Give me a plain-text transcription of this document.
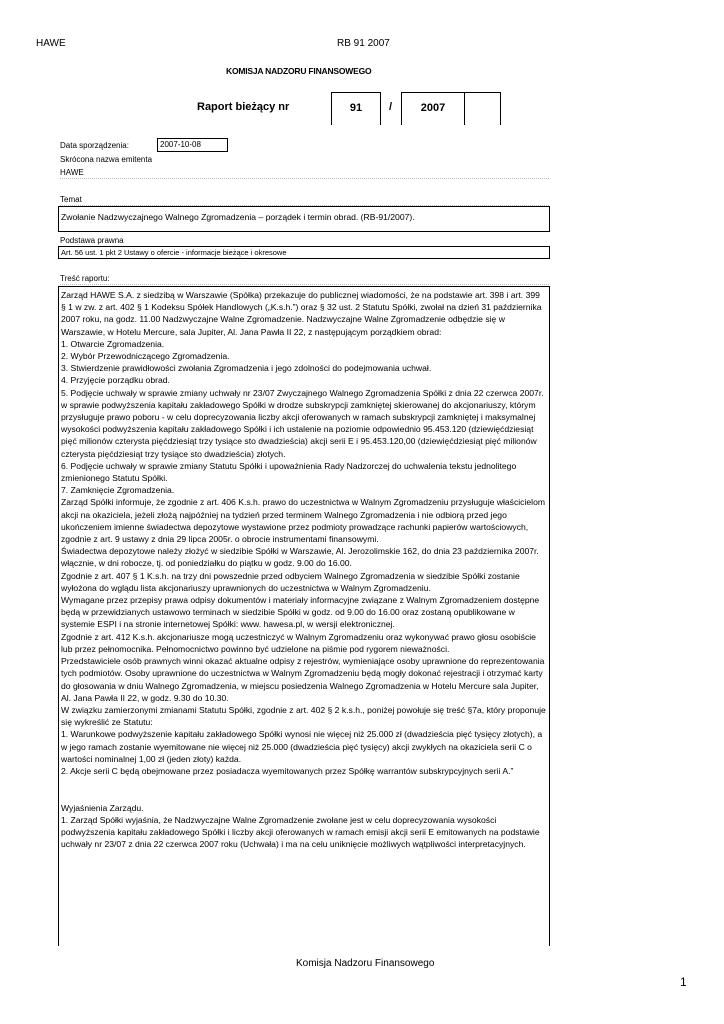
HAWE	RB 91 2007
KOMISJA NADZORU FINANSOWEGO
Raport bieżący nr	91	/	2007
Data sporządzenia:	2007-10-08
Skrócona nazwa emitenta
HAWE
Temat
Zwołanie Nadzwyczajnego Walnego Zgromadzenia – porządek i termin obrad. (RB-91/2007).
Podstawa prawna
Art. 56 ust. 1 pkt 2 Ustawy o ofercie - informacje bieżące i okresowe
Treść raportu:

Zarząd HAWE S.A. z siedzibą w Warszawie (Spółka) przekazuje do publicznej wiadomości, że na podstawie art. 398 i art. 399 § 1 w zw. z art. 402 § 1 Kodeksu Spółek Handlowych („K.s.h.”) oraz § 32 ust. 2 Statutu Spółki, zwołał na dzień 31 października 2007 roku, na godz. 11.00 Nadzwyczajne Walne Zgromadzenie. Nadzwyczajne Walne Zgromadzenie odbędzie się w Warszawie, w Hotelu Mercure, sala Jupiter, Al. Jana Pawła II 22, z następującym porządkiem obrad:

1. Otwarcie Zgromadzenia.

2. Wybór Przewodniczącego Zgromadzenia.

3. Stwierdzenie prawidłowości zwołania Zgromadzenia i jego zdolności do podejmowania uchwał.

4. Przyjęcie porządku obrad.

5. Podjęcie uchwały w sprawie zmiany uchwały nr 23/07 Zwyczajnego Walnego Zgromadzenia Spółki z dnia 22 czerwca 2007r. w sprawie podwyższenia kapitału zakładowego Spółki w drodze subskrypcji zamkniętej skierowanej do akcjonariuszy, którym przysługuje prawo poboru - w celu doprecyzowania liczby akcji oferowanych w ramach subskrypcji zamkniętej i maksymalnej wysokości podwyższenia kapitału zakładowego Spółki i ich ustalenie na poziomie odpowiednio 95.453.120 (dziewięćdziesiąt pięć milionów czterysta pięćdziesiąt trzy tysiące sto dwadzieścia) akcji serii E i 95.453.120,00 (dziewięćdziesiąt pięć milionów czterysta pięćdziesiąt trzy tysiące sto dwadzieścia) złotych.

6. Podjęcie uchwały w sprawie zmiany Statutu Spółki i upoważnienia Rady Nadzorczej do uchwalenia tekstu jednolitego zmienionego Statutu Spółki.

7. Zamknięcie Zgromadzenia.

Zarząd Spółki informuje, że zgodnie z art. 406 K.s.h. prawo do uczestnictwa w Walnym Zgromadzeniu przysługuje właścicielom akcji na okaziciela, jeżeli złożą najpóźniej na tydzień przed terminem Walnego Zgromadzenia i nie odbiorą przed jego ukończeniem imienne świadectwa depozytowe wystawione przez podmioty prowadzące rachunki papierów wartościowych, zgodnie z art. 9 ustawy z dnia 29 lipca 2005r. o obrocie instrumentami finansowymi.

Świadectwa depozytowe należy złożyć w siedzibie Spółki w Warszawie, Al. Jerozolimskie 162, do dnia 23 października 2007r. włącznie, w dni robocze, tj. od poniedziałku do piątku w godz. 9.00 do 16.00.

Zgodnie z art. 407 § 1 K.s.h. na trzy dni powszednie przed odbyciem Walnego Zgromadzenia w siedzibie Spółki zostanie wyłożona do wglądu lista akcjonariuszy uprawnionych do uczestnictwa w Walnym Zgromadzeniu.

Wymagane przez przepisy prawa odpisy dokumentów i materiały informacyjne związane z Walnym Zgromadzeniem dostępne będą w przewidzianych ustawowo terminach w siedzibie Spółki w godz. od 9.00 do 16.00 oraz zostaną opublikowane w systemie ESPI i na stronie internetowej Spółki: www. hawesa.pl, w wersji elektronicznej.

Zgodnie z art. 412 K.s.h. akcjonariusze mogą uczestniczyć w Walnym Zgromadzeniu oraz wykonywać prawo głosu osobiście lub przez pełnomocnika. Pełnomocnictwo powinno być udzielone na piśmie pod rygorem nieważności.

Przedstawiciele osób prawnych winni okazać aktualne odpisy z rejestrów, wymieniające osoby uprawnione do reprezentowania tych podmiotów. Osoby uprawnione do uczestnictwa w Walnym Zgromadzeniu będą mogły dokonać rejestracji i otrzymać karty do głosowania w dniu Walnego Zgromadzenia, w miejscu posiedzenia Walnego Zgromadzenia w Hotelu Mercure sala Jupiter, Al. Jana Pawła II 22, w godz. 9.30 do 10.30.

W związku zamierzonymi zmianami Statutu Spółki, zgodnie z art. 402 § 2 k.s.h., poniżej powołuje się treść §7a, który proponuje się wykreślić ze Statutu:

1. Warunkowe podwyższenie kapitału zakładowego Spółki wynosi nie więcej niż 25.000 zł (dwadzieścia pięć tysięcy złotych), a w jego ramach zostanie wyemitowane nie więcej niż 25.000 (dwadzieścia pięć tysięcy) akcji zwykłych na okaziciela serii C o wartości nominalnej 1,00 zł (jeden złoty) każda.

2. Akcje serii C będą obejmowane przez posiadacza wyemitowanych przez Spółkę warrantów subskrypcyjnych serii A.”

Wyjaśnienia Zarządu.

1. Zarząd Spółki wyjaśnia, że Nadzwyczajne Walne Zgromadzenie zwołane jest w celu doprecyzowania wysokości podwyższenia kapitału zakładowego Spółki i liczby akcji oferowanych w ramach emisji akcji serii E emitowanych na podstawie uchwały nr 23/07 z dnia 22 czerwca 2007 roku (Uchwała) i ma na celu uniknięcie możliwych wątpliwości interpretacyjnych.

Komisja Nadzoru Finansowego
1
